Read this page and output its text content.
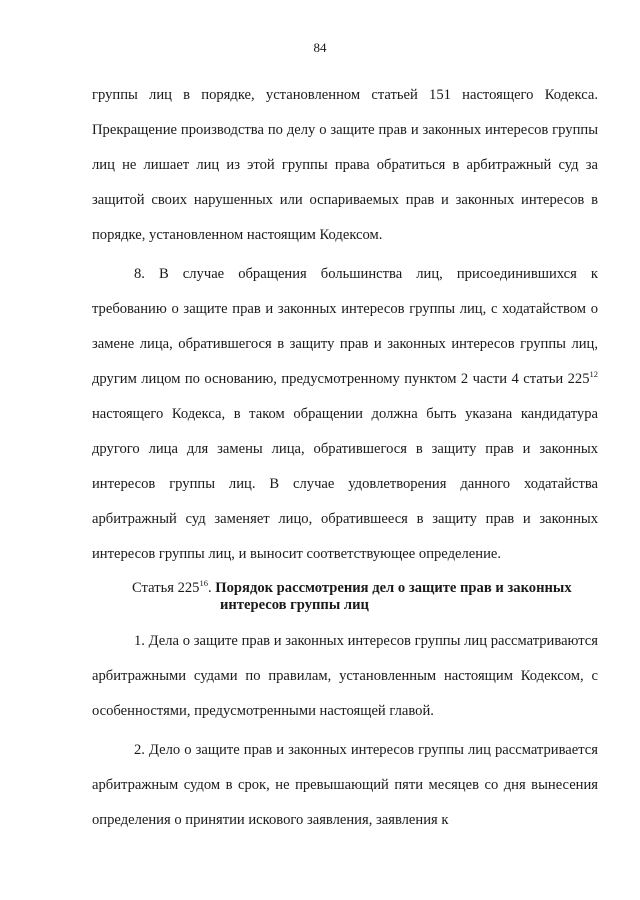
84

группы лиц в порядке, установленном статьей 151 настоящего Кодекса. Прекращение производства по делу о защите прав и законных интересов группы лиц не лишает лиц из этой группы права обратиться в арбитражный суд за защитой своих нарушенных или оспариваемых прав и законных интересов в порядке, установленном настоящим Кодексом.

8. В случае обращения большинства лиц, присоединившихся к требованию о защите прав и законных интересов группы лиц, с ходатайством о замене лица, обратившегося в защиту прав и законных интересов группы лиц, другим лицом по основанию, предусмотренному пунктом 2 части 4 статьи $225^{12}$ настоящего Кодекса, в таком обращении должна быть указана кандидатура другого лица для замены лица, обратившегося в защиту прав и законных интересов группы лиц. В случае удовлетворения данного ходатайства арбитражный суд заменяет лицо, обратившееся в защиту прав и законных интересов группы лиц, и выносит соответствующее определение.

Статья $225^{16}$. Порядок рассмотрения дел о защите прав и законных
интересов группы лиц

1. Дела о защите прав и законных интересов группы лиц рассматриваются арбитражными судами по правилам, установленным настоящим Кодексом, с особенностями, предусмотренными настоящей главой.

2. Дело о защите прав и законных интересов группы лиц рассматривается арбитражным судом в срок, не превышающий пяти месяцев со дня вынесения определения о принятии искового заявления, заявления к
